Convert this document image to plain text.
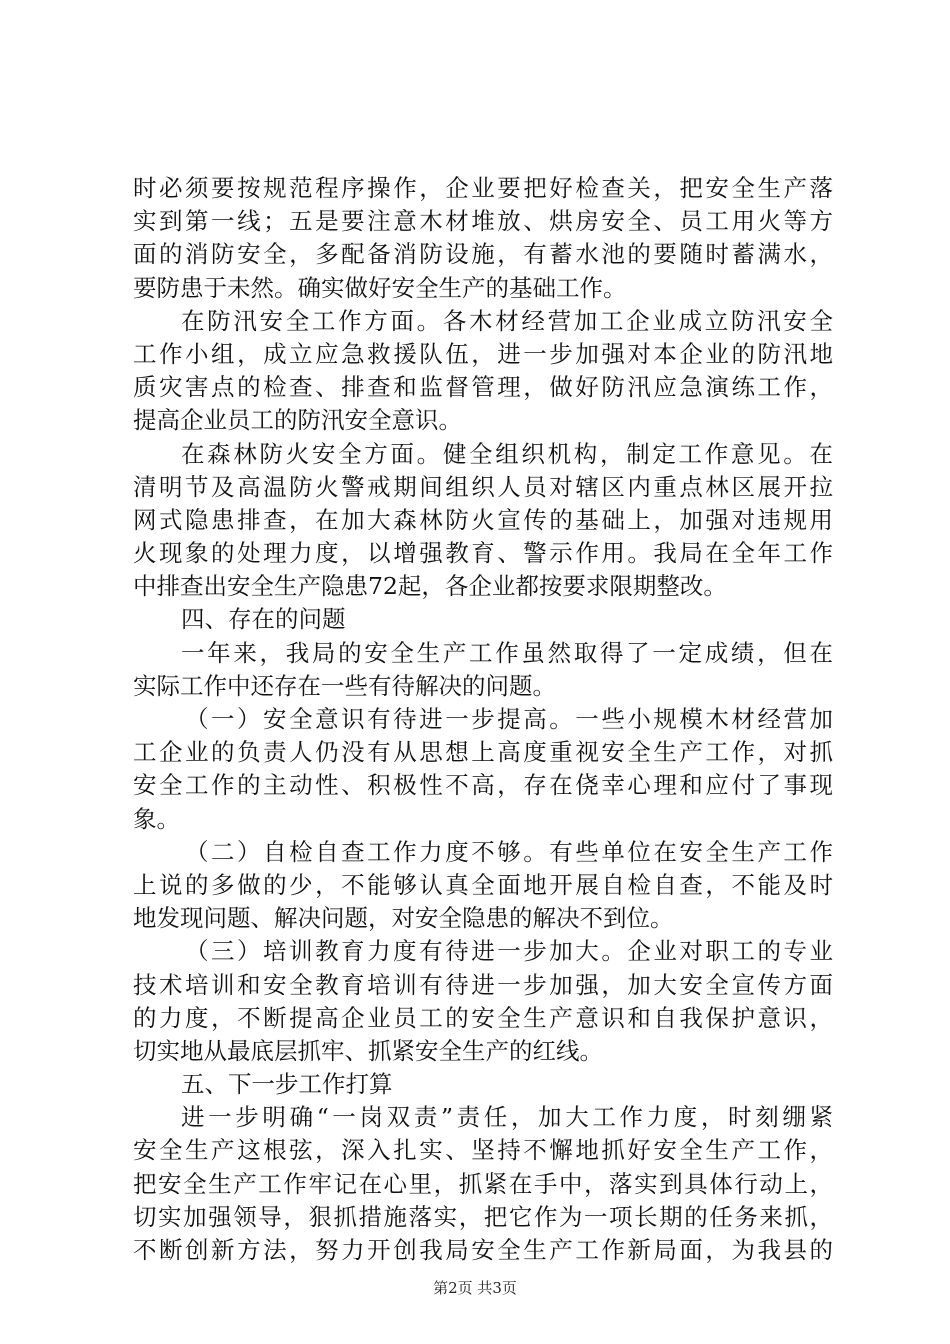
时必须要按规范程序操作，企业要把好检查关，把安全生产落
实到第一线；五是要注意木材堆放、烘房安全、员工用火等方
面的消防安全，多配备消防设施，有蓄水池的要随时蓄满水，
要防患于未然。确实做好安全生产的基础工作。
在防汛安全工作方面。各木材经营加工企业成立防汛安全
工作小组，成立应急救援队伍，进一步加强对本企业的防汛地
质灾害点的检查、排查和监督管理，做好防汛应急演练工作，
提高企业员工的防汛安全意识。
在森林防火安全方面。健全组织机构，制定工作意见。在
清明节及高温防火警戒期间组织人员对辖区内重点林区展开拉
网式隐患排查，在加大森林防火宣传的基础上，加强对违规用
火现象的处理力度，以增强教育、警示作用。我局在全年工作
中排查出安全生产隐患72起，各企业都按要求限期整改。
四、存在的问题
一年来，我局的安全生产工作虽然取得了一定成绩，但在
实际工作中还存在一些有待解决的问题。
（一）安全意识有待进一步提高。一些小规模木材经营加
工企业的负责人仍没有从思想上高度重视安全生产工作，对抓
安全工作的主动性、积极性不高，存在侥幸心理和应付了事现
象。
（二）自检自查工作力度不够。有些单位在安全生产工作
上说的多做的少，不能够认真全面地开展自检自查，不能及时
地发现问题、解决问题，对安全隐患的解决不到位。
（三）培训教育力度有待进一步加大。企业对职工的专业
技术培训和安全教育培训有待进一步加强，加大安全宣传方面
的力度，不断提高企业员工的安全生产意识和自我保护意识，
切实地从最底层抓牢、抓紧安全生产的红线。
五、下一步工作打算
进一步明确“一岗双责”责任，加大工作力度，时刻绷紧
安全生产这根弦，深入扎实、坚持不懈地抓好安全生产工作，
把安全生产工作牢记在心里，抓紧在手中，落实到具体行动上，
切实加强领导，狠抓措施落实，把它作为一项长期的任务来抓，
不断创新方法，努力开创我局安全生产工作新局面，为我县的
第2页 共3页
